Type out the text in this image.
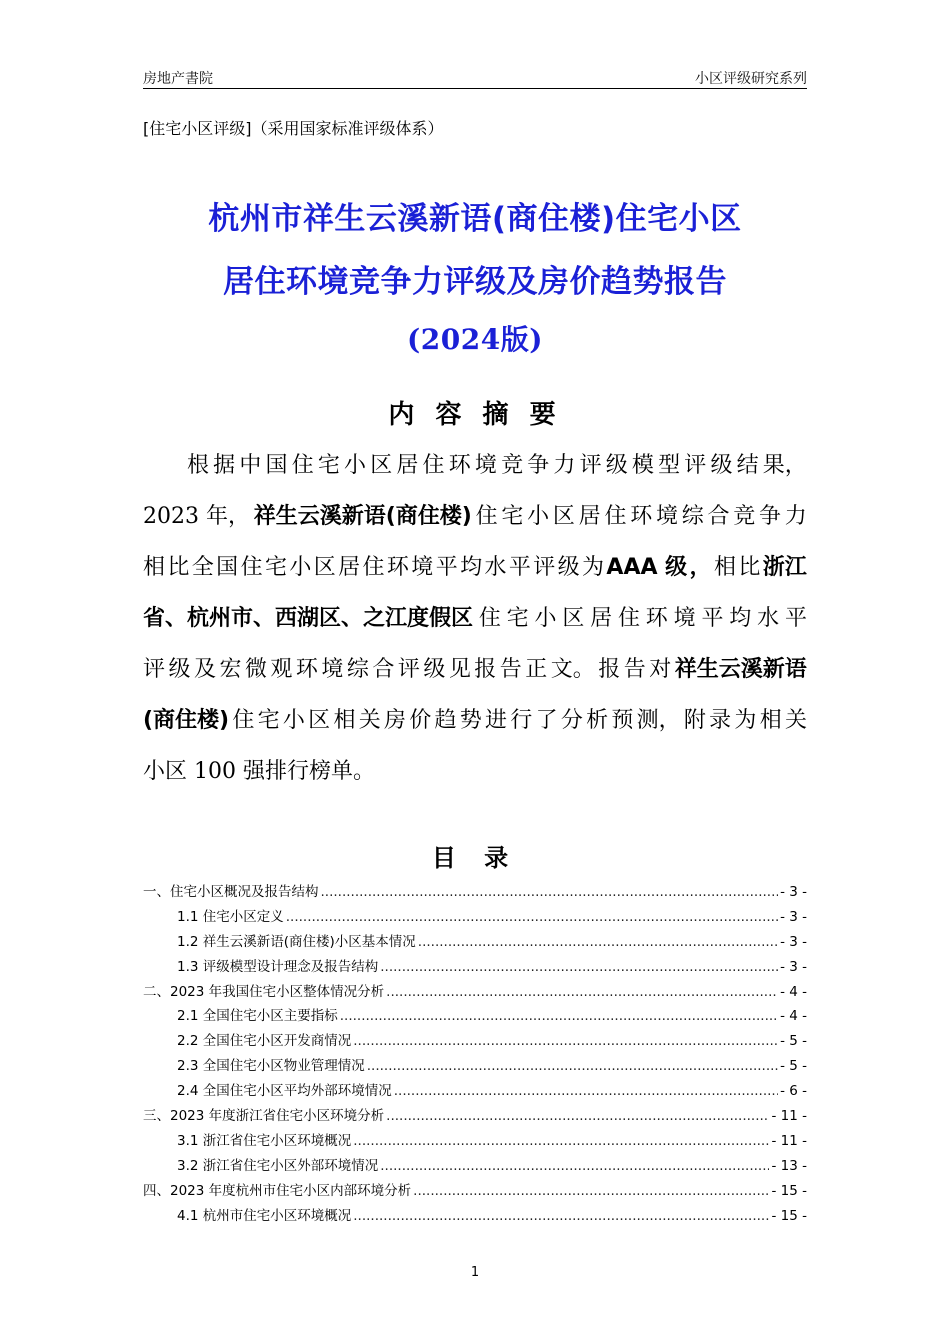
房地产書院	小区评级研究系列
[住宅小区评级]（采用国家标准评级体系）
杭州市祥生云溪新语(商住楼)住宅小区
居住环境竞争力评级及房价趋势报告
(2024版)
内 容 摘 要
根 据 中 国 住 宅 小 区 居 住 环 境 竞 争 力 评 级 模 型 评 级 结 果，
2023 年， 祥生云溪新语(商住楼) 住 宅 小 区 居 住 环 境 综 合 竞 争 力
相 比 全 国 住 宅 小 区 居 住 环 境 平 均 水 平 评 级 为 AAA 级 ， 相 比 浙江
省、杭州市、西湖区、之江度假区 住 宅 小 区 居 住 环 境 平 均 水 平
评 级 及 宏 微 观 环 境 综 合 评 级 见 报 告 正 文。 报 告 对 祥生云溪新语
(商住楼) 住 宅 小 区 相 关 房 价 趋 势 进 行 了 分 析 预 测， 附 录 为 相 关
小区 100 强排行榜单。
目 录
一、住宅小区概况及报告结构 .....	- 3 -
1.1 住宅小区定义 .....	- 3 -
1.2 祥生云溪新语(商住楼)小区基本情况 .....	- 3 -
1.3 评级模型设计理念及报告结构 .....	- 3 -
二、2023 年我国住宅小区整体情况分析 .....	- 4 -
2.1 全国住宅小区主要指标 .....	- 4 -
2.2 全国住宅小区开发商情况 .....	- 5 -
2.3 全国住宅小区物业管理情况 .....	- 5 -
2.4 全国住宅小区平均外部环境情况 .....	- 6 -
三、2023 年度浙江省住宅小区环境分析 .....	- 11 -
3.1 浙江省住宅小区环境概况 .....	- 11 -
3.2 浙江省住宅小区外部环境情况 .....	- 13 -
四、2023 年度杭州市住宅小区内部环境分析 .....	- 15 -
4.1 杭州市住宅小区环境概况 .....	- 15 -
1
